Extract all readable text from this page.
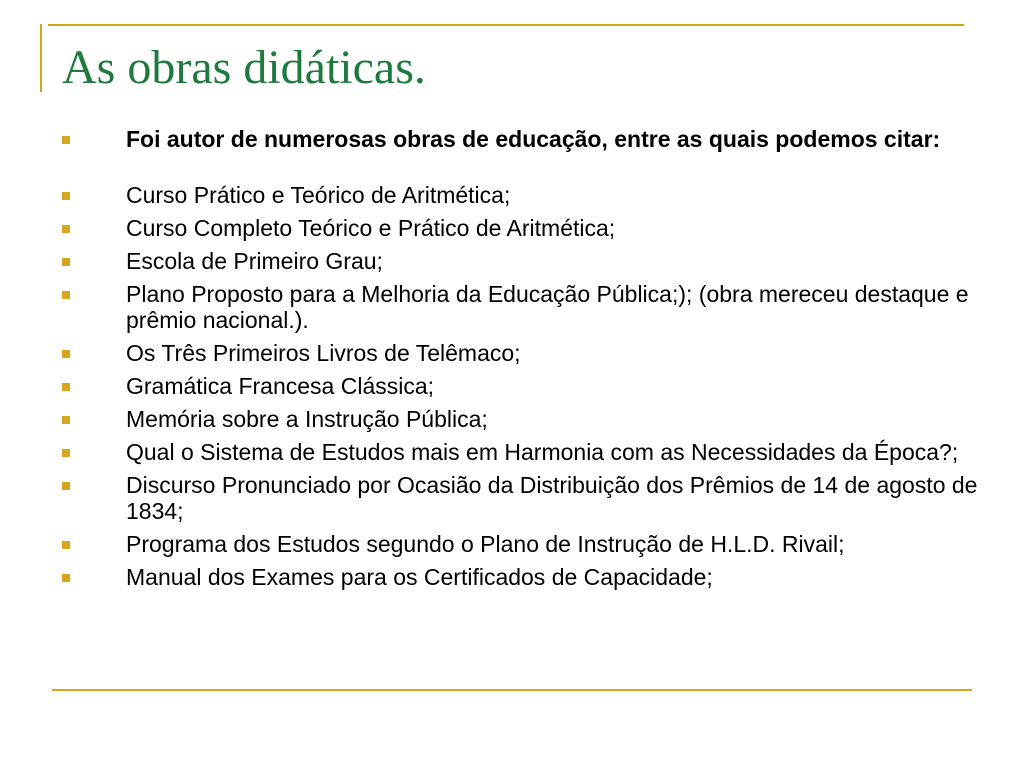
As obras didáticas.
Foi autor de numerosas obras de educação, entre as quais podemos citar:
Curso Prático e Teórico de Aritmética;
Curso Completo Teórico e Prático de Aritmética;
Escola de Primeiro Grau;
Plano Proposto para a Melhoria da Educação Pública;); (obra mereceu destaque e prêmio nacional.).
Os Três Primeiros Livros de Telêmaco;
Gramática Francesa Clássica;
Memória sobre a Instrução Pública;
Qual o Sistema de Estudos mais em Harmonia com as Necessidades da Época?;
Discurso Pronunciado por Ocasião da Distribuição dos Prêmios de 14 de agosto de 1834;
Programa dos Estudos segundo o Plano de Instrução de H.L.D. Rivail;
Manual dos Exames para os Certificados de Capacidade;
